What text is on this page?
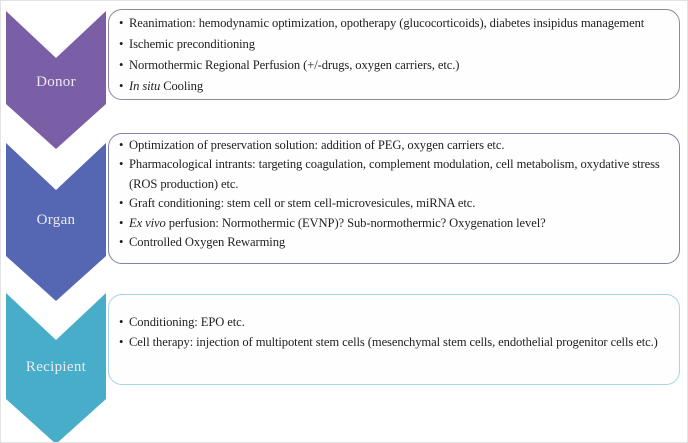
Donor
Organ
Recipient
• Reanimation: hemodynamic optimization, opotherapy (glucocorticoids), diabetes insipidus management
• Ischemic preconditioning
• Normothermic Regional Perfusion (+/-drugs, oxygen carriers, etc.)
• In situ Cooling
• Optimization of preservation solution: addition of PEG, oxygen carriers etc.
• Pharmacological intrants: targeting coagulation, complement modulation, cell metabolism, oxydative stress (ROS production) etc.
• Graft conditioning: stem cell or stem cell-microvesicules, miRNA etc.
• Ex vivo perfusion: Normothermic (EVNP)? Sub-normothermic? Oxygenation level?
• Controlled Oxygen Rewarming
• Conditioning: EPO etc.
• Cell therapy: injection of multipotent stem cells (mesenchymal stem cells, endothelial progenitor cells etc.)
